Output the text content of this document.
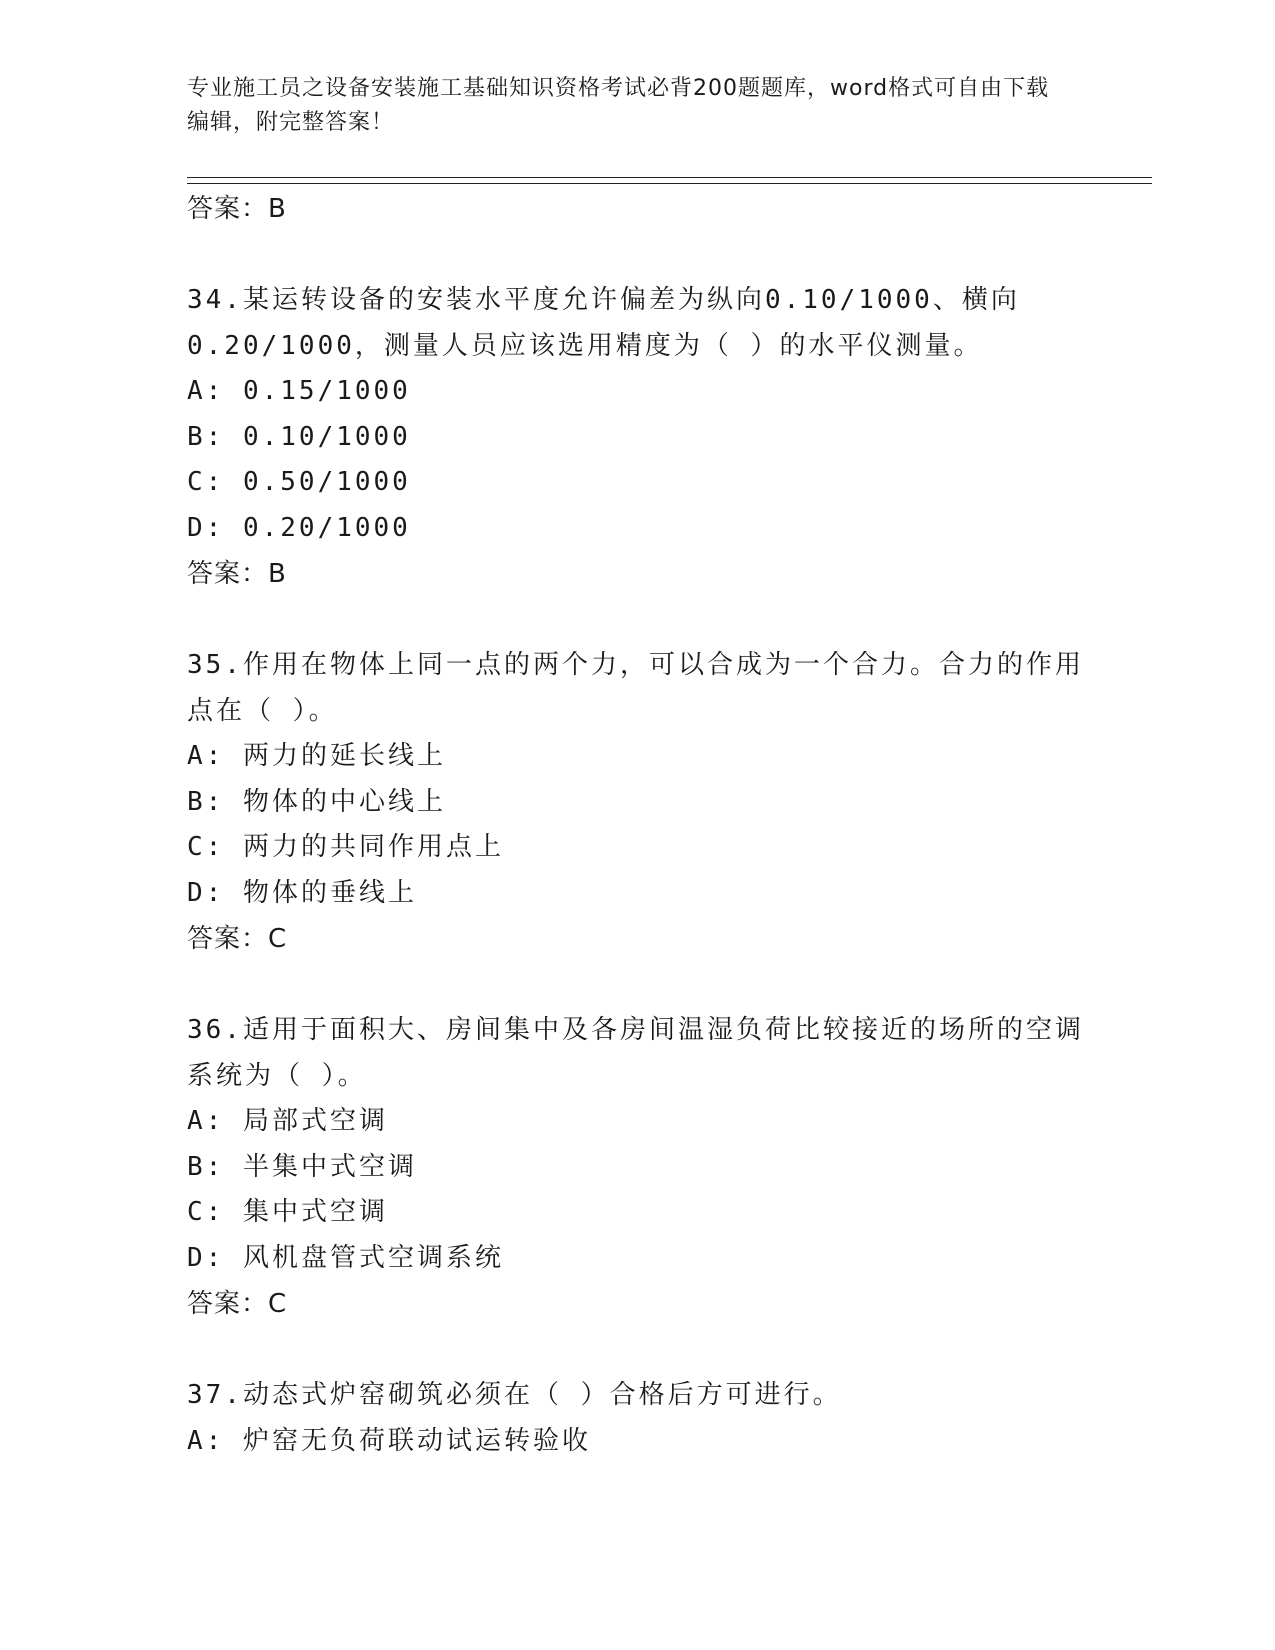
专业施工员之设备安装施工基础知识资格考试必背200题题库，word格式可自由下载编辑，附完整答案！
答案：B
34.某运转设备的安装水平度允许偏差为纵向0.10/1000、横向
0.20/1000，测量人员应该选用精度为（ ）的水平仪测量。
A: 0.15/1000
B: 0.10/1000
C: 0.50/1000
D: 0.20/1000
答案：B
35.作用在物体上同一点的两个力，可以合成为一个合力。合力的作用
点在（ ）。
A: 两力的延长线上
B: 物体的中心线上
C: 两力的共同作用点上
D: 物体的垂线上
答案：C
36.适用于面积大、房间集中及各房间温湿负荷比较接近的场所的空调
系统为（ ）。
A: 局部式空调
B: 半集中式空调
C: 集中式空调
D: 风机盘管式空调系统
答案：C
37.动态式炉窑砌筑必须在（ ）合格后方可进行。
A: 炉窑无负荷联动试运转验收
